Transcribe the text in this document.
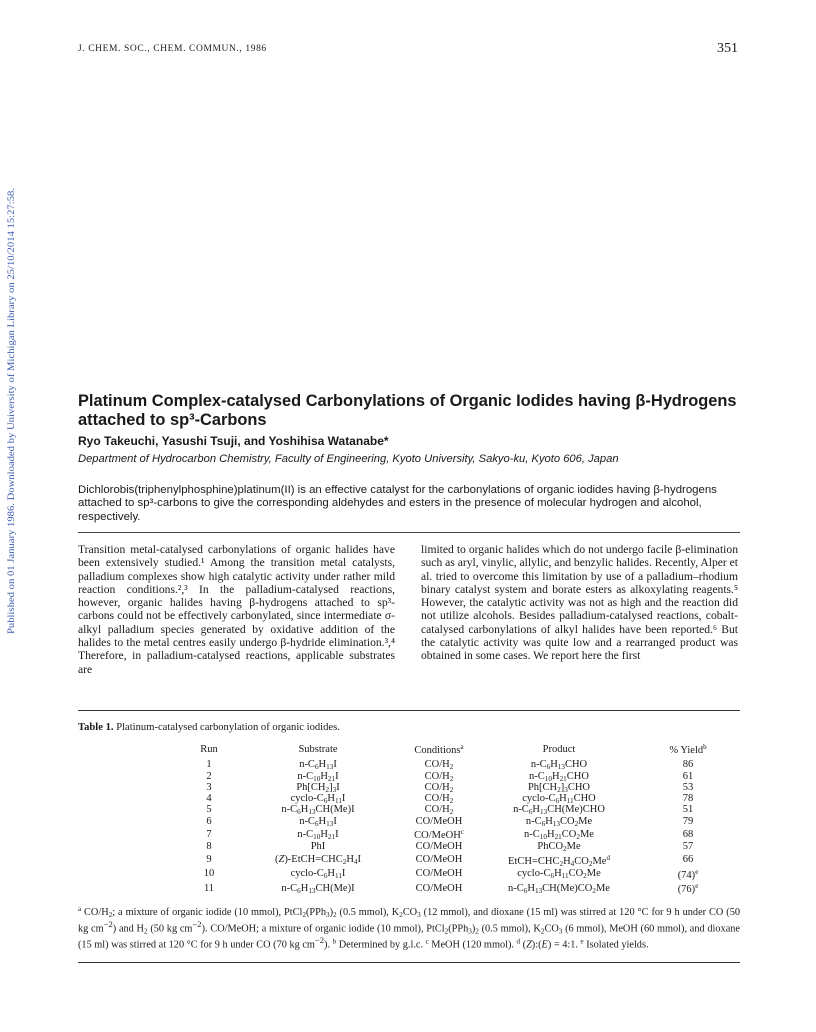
J. CHEM. SOC., CHEM. COMMUN., 1986	351
Published on 01 January 1986. Downloaded by University of Michigan Library on 25/10/2014 15:27:58.	Platinum Complex-catalysed Carbonylations of Organic Iodides having β-Hydrogens attached to sp³-Carbons
Ryo Takeuchi, Yasushi Tsuji, and Yoshihisa Watanabe*
Department of Hydrocarbon Chemistry, Faculty of Engineering, Kyoto University, Sakyo-ku, Kyoto 606, Japan
Dichlorobis(triphenylphosphine)platinum(II) is an effective catalyst for the carbonylations of organic iodides having β-hydrogens attached to sp³-carbons to give the corresponding aldehydes and esters in the presence of molecular hydrogen and alcohol, respectively.
Transition metal-catalysed carbonylations of organic halides have been extensively studied.¹ Among the transition metal catalysts, palladium complexes show high catalytic activity under rather mild reaction conditions.²,³ In the palladium-catalysed reactions, however, organic halides having β-hydrogens attached to sp³-carbons could not be effectively carbonylated, since intermediate σ-alkyl palladium species generated by oxidative addition of the halides to the metal centres easily undergo β-hydride elimination.³,⁴ Therefore, in palladium-catalysed reactions, applicable substrates are
limited to organic halides which do not undergo facile β-elimination such as aryl, vinylic, allylic, and benzylic halides. Recently, Alper et al. tried to overcome this limitation by use of a palladium–rhodium binary catalyst system and borate esters as alkoxylating reagents.⁵ However, the catalytic activity was not as high and the reaction did not utilize alcohols. Besides palladium-catalysed reactions, cobalt-catalysed carbonylations of alkyl halides have been reported.⁶ But the catalytic activity was quite low and a rearranged product was obtained in some cases. We report here the first
Table 1. Platinum-catalysed carbonylation of organic iodides.
Run		Substrate	Conditions$^a$	Product	% Yield$^b$
1		$n-C_6H_{13}I$	$CO/H_2$	$n-C_6H_{13}CHO$	86
2		$n-C_{10}H_{21}I$	$CO/H_2$	$n-C_{10}H_{21}CHO$	61
3		$Ph[CH_2]_3I$	$CO/H_2$	$Ph[CH_2]_3CHO$	53
4		cyclo-$C_6H_{11}I$	$CO/H_2$	cyclo-$C_6H_{11}CHO$	78
5		$n-C_6H_{13}CH(Me)I$	$CO/H_2$	$n-C_6H_{13}CH(Me)CHO$	51
6		$n-C_6H_{13}I$	CO/MeOH	$n-C_6H_{13}CO_2Me$	79
7		$n-C_{10}H_{21}I$	CO/MeOH$^c$	$n-C_{10}H_{21}CO_2Me$	68
8		PhI	CO/MeOH	PhCO$_2$Me	57
9		$(Z)-EtCH=CHC_2H_4I$	CO/MeOH	$EtCH=CHC_2H_4CO_2Me^d$	66
10		cyclo-$C_6H_{11}I$	CO/MeOH	cyclo-$C_6H_{11}CO_2Me$	(74)$^e$
11		$n-C_6H_{13}CH(Me)I$	CO/MeOH	$n-C_6H_{13}CH(Me)CO_2Me$	(76)$^e$
$^a$ $CO/H_2$; a mixture of organic iodide (10 mmol), $PtCl_2(PPh_3)_2$ (0.5 mmol), $K_2CO_3$ (12 mmol), and dioxane (15 ml) was stirred at 120 °C for 9 h under CO (50 kg $cm^{-2}$) and $H_2$ (50 kg $cm^{-2}$). CO/MeOH; a mixture of organic iodide (10 mmol), $PtCl_2(PPh_3)_2$ (0.5 mmol), $K_2CO_3$ (6 mmol), MeOH (60 mmol), and dioxane (15 ml) was stirred at 120 °C for 9 h under CO (70 kg $cm^{-2}$). $^b$ Determined by g.l.c. $^c$ MeOH (120 mmol). $^d$ (Z):(E) = 4:1. $^e$ Isolated yields.
